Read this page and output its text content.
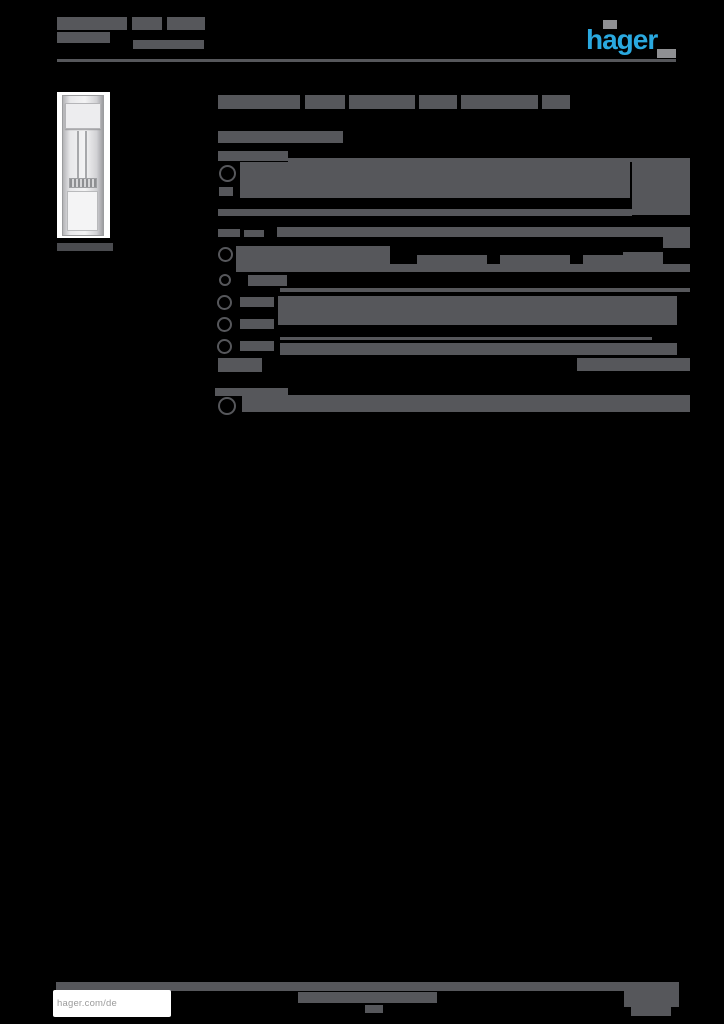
hager
hager.com/de
